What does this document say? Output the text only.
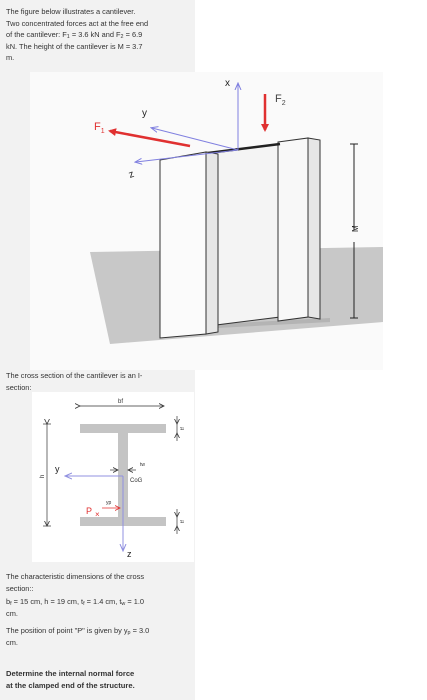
The figure below illustrates a cantilever.
Two concentrated forces act at the free end
of the cantilever: $F_1 = 3.6$ kN and $F_2 = 6.9$
kN. The height of the cantilever is M = 3.7
m.
x
y
z
$F_1$
$F_2$
M
The cross section of the cantilever is an I-
section:
bf
tf
tw
tf
h
y
CoG
z
yp
×
P
The characteristic dimensions of the cross
section::
$b_f = 15$ cm, h = 19 cm, $t_f = 1.4$ cm, $t_w = 1.0$
cm.
The position of point "P" is given by $y_p = 3.0$
cm.
Determine the internal normal force
at the clamped end of the structure.
